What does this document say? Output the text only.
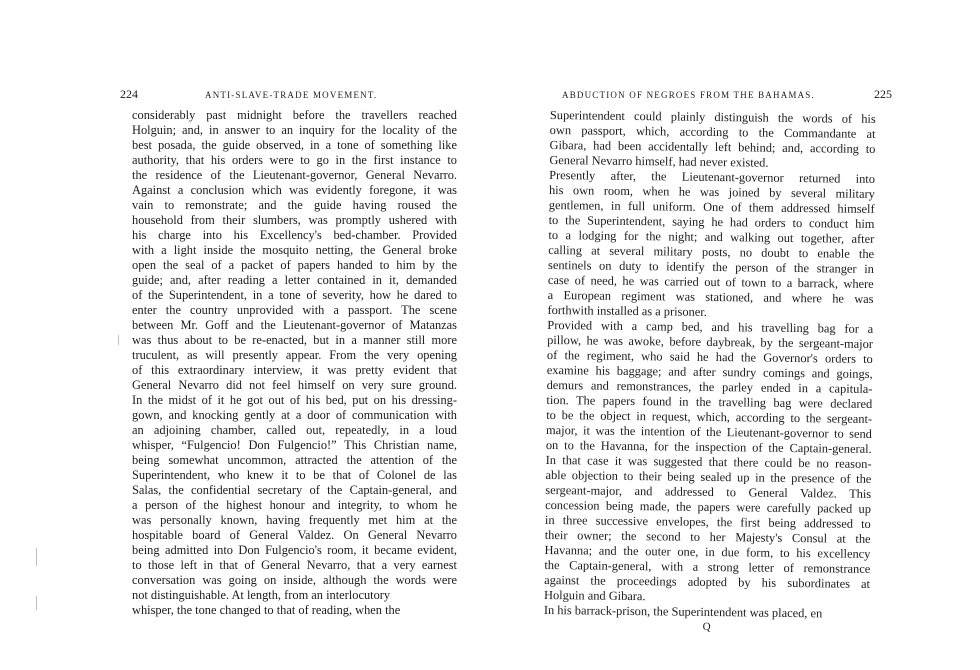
224	ANTI-SLAVE-TRADE MOVEMENT.
considerably past midnight before the travellers reached
Holguin; and, in answer to an inquiry for the locality of the
best posada, the guide observed, in a tone of something like
authority, that his orders were to go in the first instance to
the residence of the Lieutenant-governor, General Nevarro.
Against a conclusion which was evidently foregone, it was
vain to remonstrate; and the guide having roused the
household from their slumbers, was promptly ushered with
his charge into his Excellency's bed-chamber. Provided
with a light inside the mosquito netting, the General broke
open the seal of a packet of papers handed to him by the
guide; and, after reading a letter contained in it, demanded
of the Superintendent, in a tone of severity, how he dared to
enter the country unprovided with a passport. The scene
between Mr. Goff and the Lieutenant-governor of Matanzas
was thus about to be re-enacted, but in a manner still more
truculent, as will presently appear. From the very opening
of this extraordinary interview, it was pretty evident that
General Nevarro did not feel himself on very sure ground.
In the midst of it he got out of his bed, put on his dressing-
gown, and knocking gently at a door of communication with
an adjoining chamber, called out, repeatedly, in a loud
whisper, “Fulgencio! Don Fulgencio!” This Christian name,
being somewhat uncommon, attracted the attention of the
Superintendent, who knew it to be that of Colonel de las
Salas, the confidential secretary of the Captain-general, and
a person of the highest honour and integrity, to whom he
was personally known, having frequently met him at the
hospitable board of General Valdez. On General Nevarro
being admitted into Don Fulgencio's room, it became evident,
to those left in that of General Nevarro, that a very earnest
conversation was going on inside, although the words were
not distinguishable. At length, from an interlocutory
whisper, the tone changed to that of reading, when the
ABDUCTION OF NEGROES FROM THE BAHAMAS.	225
Superintendent could plainly distinguish the words of his
own passport, which, according to the Commandante at
Gibara, had been accidentally left behind; and, according to
General Nevarro himself, had never existed.
Presently after, the Lieutenant-governor returned into
his own room, when he was joined by several military
gentlemen, in full uniform. One of them addressed himself
to the Superintendent, saying he had orders to conduct him
to a lodging for the night; and walking out together, after
calling at several military posts, no doubt to enable the
sentinels on duty to identify the person of the stranger in
case of need, he was carried out of town to a barrack, where
a European regiment was stationed, and where he was
forthwith installed as a prisoner.
Provided with a camp bed, and his travelling bag for a
pillow, he was awoke, before daybreak, by the sergeant-major
of the regiment, who said he had the Governor's orders to
examine his baggage; and after sundry comings and goings,
demurs and remonstrances, the parley ended in a capitula-
tion. The papers found in the travelling bag were declared
to be the object in request, which, according to the sergeant-
major, it was the intention of the Lieutenant-governor to send
on to the Havanna, for the inspection of the Captain-general.
In that case it was suggested that there could be no reason-
able objection to their being sealed up in the presence of the
sergeant-major, and addressed to General Valdez. This
concession being made, the papers were carefully packed up
in three successive envelopes, the first being addressed to
their owner; the second to her Majesty's Consul at the
Havanna; and the outer one, in due form, to his excellency
the Captain-general, with a strong letter of remonstrance
against the proceedings adopted by his subordinates at
Holguin and Gibara.
In his barrack-prison, the Superintendent was placed, en
Q
